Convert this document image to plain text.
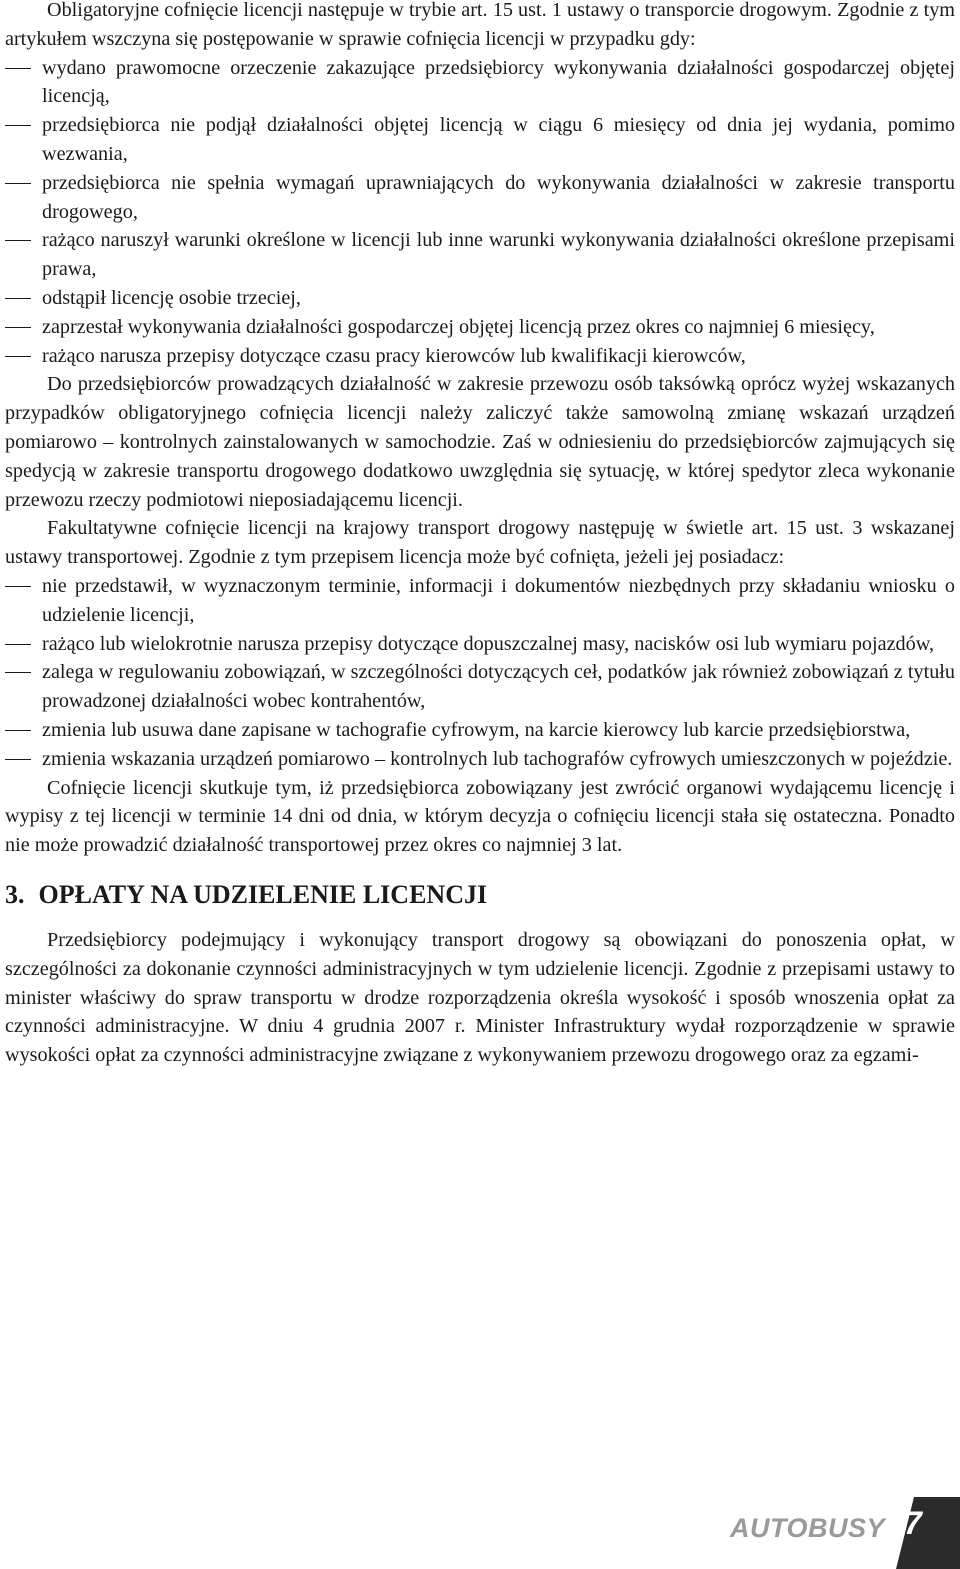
Obligatoryjne cofnięcie licencji następuje w trybie art. 15 ust. 1 ustawy o transporcie drogowym. Zgodnie z tym artykułem wszczyna się postępowanie w sprawie cofnięcia licencji w przypadku gdy:

wydano prawomocne orzeczenie zakazujące przedsiębiorcy wykonywania działalności gospodarczej objętej licencją,
przedsiębiorca nie podjął działalności objętej licencją w ciągu 6 miesięcy od dnia jej wydania, pomimo wezwania,
przedsiębiorca nie spełnia wymagań uprawniających do wykonywania działalności w zakresie transportu drogowego,
rażąco naruszył warunki określone w licencji lub inne warunki wykonywania działalności określone przepisami prawa,
odstąpił licencję osobie trzeciej,
zaprzestał wykonywania działalności gospodarczej objętej licencją przez okres co najmniej 6 miesięcy,
rażąco narusza przepisy dotyczące czasu pracy kierowców lub kwalifikacji kierowców,

Do przedsiębiorców prowadzących działalność w zakresie przewozu osób taksówką oprócz wyżej wskazanych przypadków obligatoryjnego cofnięcia licencji należy zaliczyć także samowolną zmianę wskazań urządzeń pomiarowo – kontrolnych zainstalowanych w samochodzie. Zaś w odniesieniu do przedsiębiorców zajmujących się spedycją w zakresie transportu drogowego dodatkowo uwzględnia się sytuację, w której spedytor zleca wykonanie przewozu rzeczy podmiotowi nieposiadającemu licencji.

Fakultatywne cofnięcie licencji na krajowy transport drogowy następuję w świetle art. 15 ust. 3 wskazanej ustawy transportowej. Zgodnie z tym przepisem licencja może być cofnięta, jeżeli jej posiadacz:

nie przedstawił, w wyznaczonym terminie, informacji i dokumentów niezbędnych przy składaniu wniosku o udzielenie licencji,
rażąco lub wielokrotnie narusza przepisy dotyczące dopuszczalnej masy, nacisków osi lub wymiaru pojazdów,
zalega w regulowaniu zobowiązań, w szczególności dotyczących ceł, podatków jak również zobowiązań z tytułu prowadzonej działalności wobec kontrahentów,
zmienia lub usuwa dane zapisane w tachografie cyfrowym, na karcie kierowcy lub karcie przedsiębiorstwa,
zmienia wskazania urządzeń pomiarowo – kontrolnych lub tachografów cyfrowych umieszczonych w pojeździe.

Cofnięcie licencji skutkuje tym, iż przedsiębiorca zobowiązany jest zwrócić organowi wydającemu licencję i wypisy z tej licencji w terminie 14 dni od dnia, w którym decyzja o cofnięciu licencji stała się ostateczna. Ponadto nie może prowadzić działalność transportowej przez okres co najmniej 3 lat.

3. OPŁATY NA UDZIELENIE LICENCJI

Przedsiębiorcy podejmujący i wykonujący transport drogowy są obowiązani do ponoszenia opłat, w szczególności za dokonanie czynności administracyjnych w tym udzielenie licencji. Zgodnie z przepisami ustawy to minister właściwy do spraw transportu w drodze rozporządzenia określa wysokość i sposób wnoszenia opłat za czynności administracyjne. W dniu 4 grudnia 2007 r. Minister Infrastruktury wydał rozporządzenie w sprawie wysokości opłat za czynności administracyjne związane z wykonywaniem przewozu drogowego oraz za egzami-

AUTOBUSY 7
